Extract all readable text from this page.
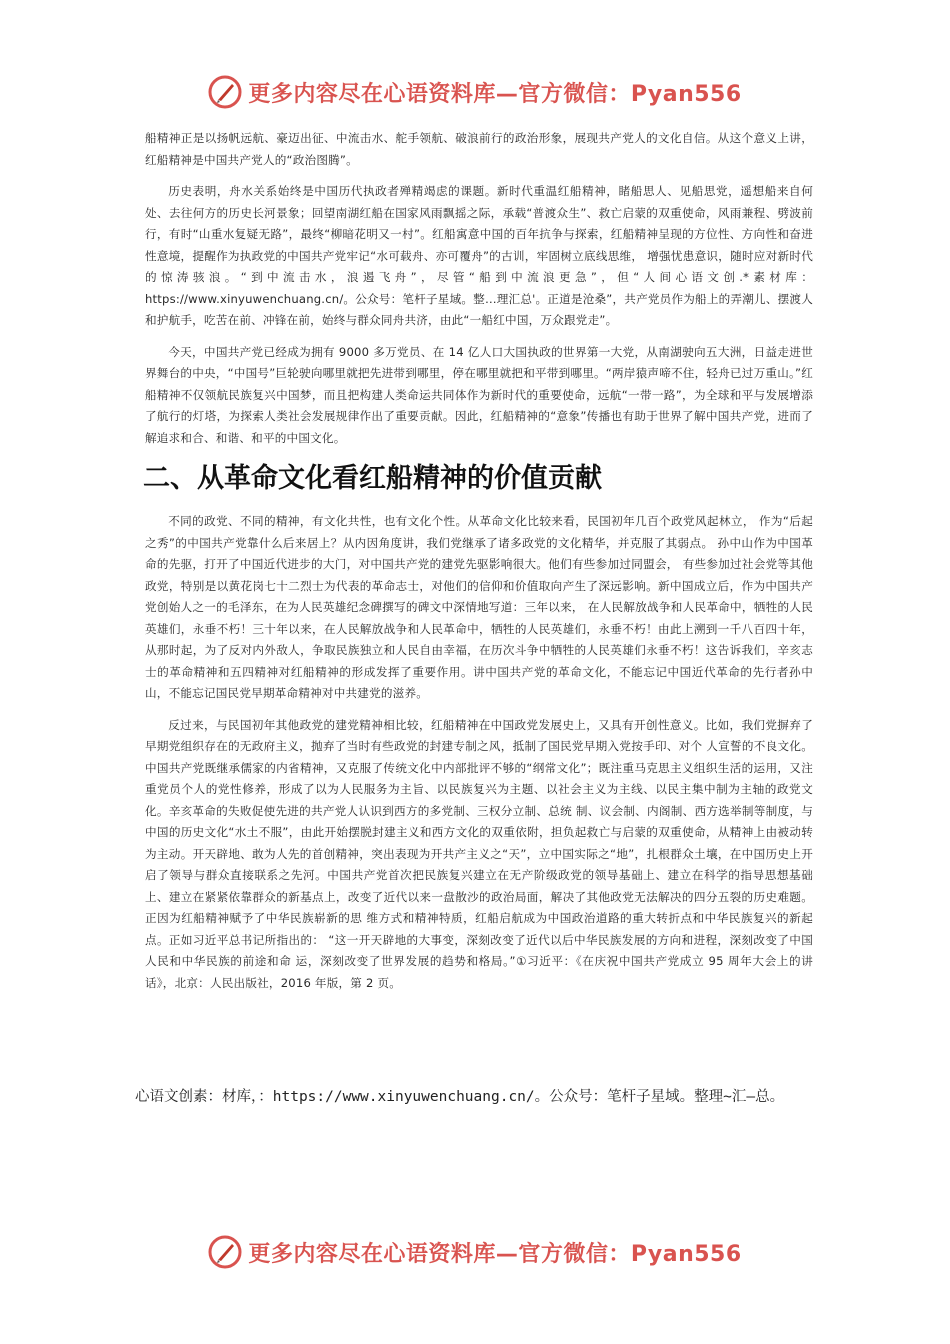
更多内容尽在心语资料库—官方微信：Pyan556

船精神正是以扬帆远航、豪迈出征、中流击水、舵手领航、破浪前行的政治形象，展现共产党人的文化自信。从这个意义上讲，红船精神是中国共产党人的“政治图腾”。

历史表明，舟水关系始终是中国历代执政者殚精竭虑的课题。新时代重温红船精神，睹船思人、见船思党，遥想船来自何处、去往何方的历史长河景象；回望南湖红船在国家风雨飘摇之际，承载“普渡众生”、救亡启蒙的双重使命，风雨兼程、劈波前行，有时“山重水复疑无路”，最终“柳暗花明又一村”。红船寓意中国的百年抗争与探索，红船精神呈现的方位性、方向性和奋进性意境，提醒作为执政党的中国共产党牢记“水可载舟、亦可覆舟”的古训，牢固树立底线思维， 增强忧患意识，随时应对新时代的惊涛骇浪。“到中流击水，浪遏飞舟”，尽管“船到中流浪更急”，但“人间心语文创.*素材库：https://www.xinyuwenchuang.cn/。公众号：笔杆子星域。整…理汇总'。正道是沧桑”，共产党员作为船上的弄潮儿、摆渡人和护航手，吃苦在前、冲锋在前，始终与群众同舟共济，由此“一船红中国，万众跟党走”。

今天，中国共产党已经成为拥有 9000 多万党员、在 14 亿人口大国执政的世界第一大党，从南湖驶向五大洲，日益走进世界舞台的中央，“中国号”巨轮驶向哪里就把先进带到哪里，停在哪里就把和平带到哪里。“两岸猿声啼不住，轻舟已过万重山。”红船精神不仅领航民族复兴中国梦，而且把构建人类命运共同体作为新时代的重要使命，远航“一带一路”，为全球和平与发展增添了航行的灯塔，为探索人类社会发展规律作出了重要贡献。因此，红船精神的“意象”传播也有助于世界了解中国共产党，进而了解追求和合、和谐、和平的中国文化。

二、从革命文化看红船精神的价值贡献

不同的政党、不同的精神，有文化共性，也有文化个性。从革命文化比较来看，民国初年几百个政党风起林立， 作为“后起之秀”的中国共产党靠什么后来居上？从内因角度讲，我们党继承了诸多政党的文化精华，并克服了其弱点。 孙中山作为中国革命的先驱，打开了中国近代进步的大门，对中国共产党的建党先驱影响很大。他们有些参加过同盟会， 有些参加过社会党等其他政党，特别是以黄花岗七十二烈士为代表的革命志士，对他们的信仰和价值取向产生了深远影响。新中国成立后，作为中国共产党创始人之一的毛泽东，在为人民英雄纪念碑撰写的碑文中深情地写道：三年以来， 在人民解放战争和人民革命中，牺牲的人民英雄们，永垂不朽！三十年以来，在人民解放战争和人民革命中，牺牲的人民英雄们，永垂不朽！由此上溯到一千八百四十年，从那时起，为了反对内外敌人，争取民族独立和人民自由幸福，在历次斗争中牺牲的人民英雄们永垂不朽！这告诉我们，辛亥志士的革命精神和五四精神对红船精神的形成发挥了重要作用。讲中国共产党的革命文化，不能忘记中国近代革命的先行者孙中山，不能忘记国民党早期革命精神对中共建党的滋养。

反过来，与民国初年其他政党的建党精神相比较，红船精神在中国政党发展史上，又具有开创性意义。比如，我们党摒弃了早期党组织存在的无政府主义，抛弃了当时有些政党的封建专制之风，抵制了国民党早期入党按手印、对个 人宣誓的不良文化。中国共产党既继承儒家的内省精神，又克服了传统文化中内部批评不够的“纲常文化”；既注重马克思主义组织生活的运用，又注重党员个人的党性修养，形成了以为人民服务为主旨、以民族复兴为主题、以社会主义为主线、以民主集中制为主轴的政党文化。辛亥革命的失败促使先进的共产党人认识到西方的多党制、三权分立制、总统 制、议会制、内阁制、西方选举制等制度，与中国的历史文化“水土不服”，由此开始摆脱封建主义和西方文化的双重依附，担负起救亡与启蒙的双重使命，从精神上由被动转为主动。开天辟地、敢为人先的首创精神，突出表现为开共产主义之“天”，立中国实际之“地”，扎根群众土壤，在中国历史上开启了领导与群众直接联系之先河。中国共产党首次把民族复兴建立在无产阶级政党的领导基础上、建立在科学的指导思想基础上、建立在紧紧依靠群众的新基点上，改变了近代以来一盘散沙的政治局面，解决了其他政党无法解决的四分五裂的历史难题。正因为红船精神赋予了中华民族崭新的思 维方式和精神特质，红船启航成为中国政治道路的重大转折点和中华民族复兴的新起点。正如习近平总书记所指出的： “这一开天辟地的大事变，深刻改变了近代以后中华民族发展的方向和进程，深刻改变了中国人民和中华民族的前途和命 运，深刻改变了世界发展的趋势和格局。”①习近平：《在庆祝中国共产党成立 95 周年大会上的讲话》，北京：人民出版社，2016 年版，第 2 页。

心语文创素：材库，：https://www.xinyuwenchuang.cn/。公众号：笔杆子星域。整理~汇—总。
更多内容尽在心语资料库—官方微信：Pyan556
